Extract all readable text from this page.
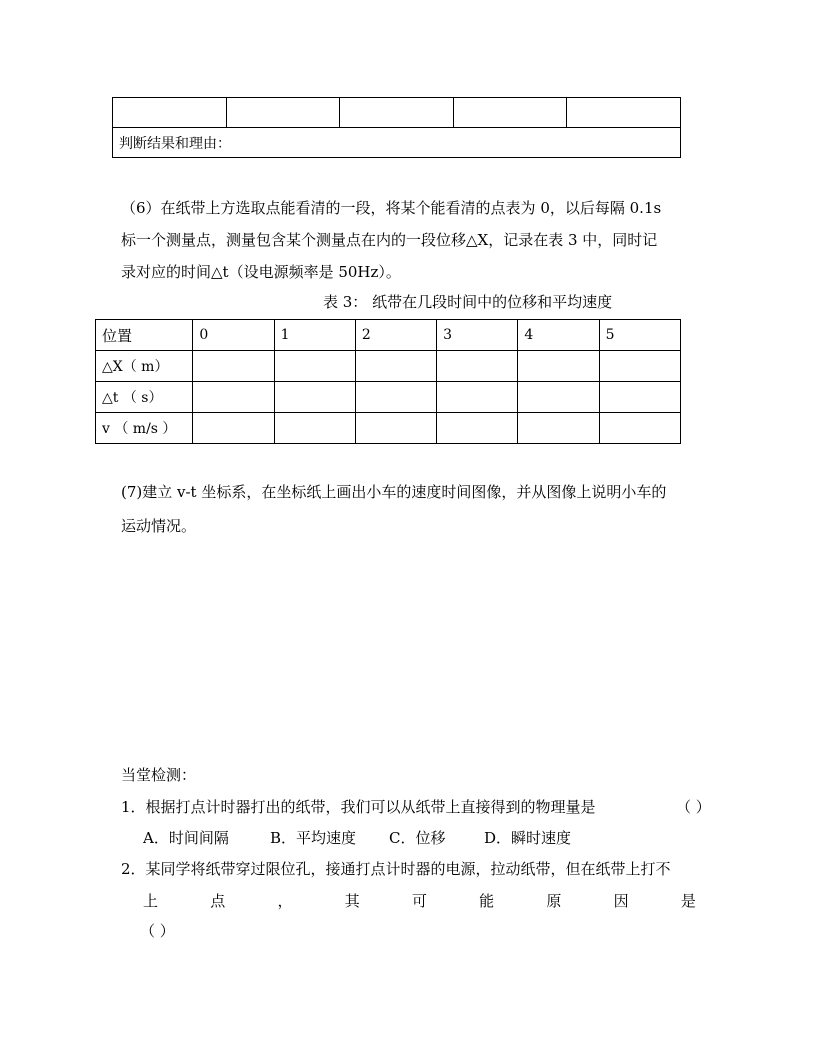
判断结果和理由：
（6）在纸带上方选取点能看清的一段，将某个能看清的点表为 0，以后每隔 0.1s
标一个测量点，测量包含某个测量点在内的一段位移△Χ，记录在表 3 中，同时记
录对应的时间△t（设电源频率是 50Hz）。
表 3： 纸带在几段时间中的位移和平均速度
位置	0	1	2	3	4	5
△Χ（ m）						
△t （ s）						
v （ m/s ）						
(7)建立 v-t 坐标系，在坐标纸上画出小车的速度时间图像，并从图像上说明小车的
运动情况。
当堂检测：
1．根据打点计时器打出的纸带，我们可以从纸带上直接得到的物理量是	（ ）
A．时间间隔	B．平均速度 C．位移	D．瞬时速度
2．某同学将纸带穿过限位孔，接通打点计时器的电源，拉动纸带，但在纸带上打不
上	点	，	其	可	能	原	因	是
（ ）
